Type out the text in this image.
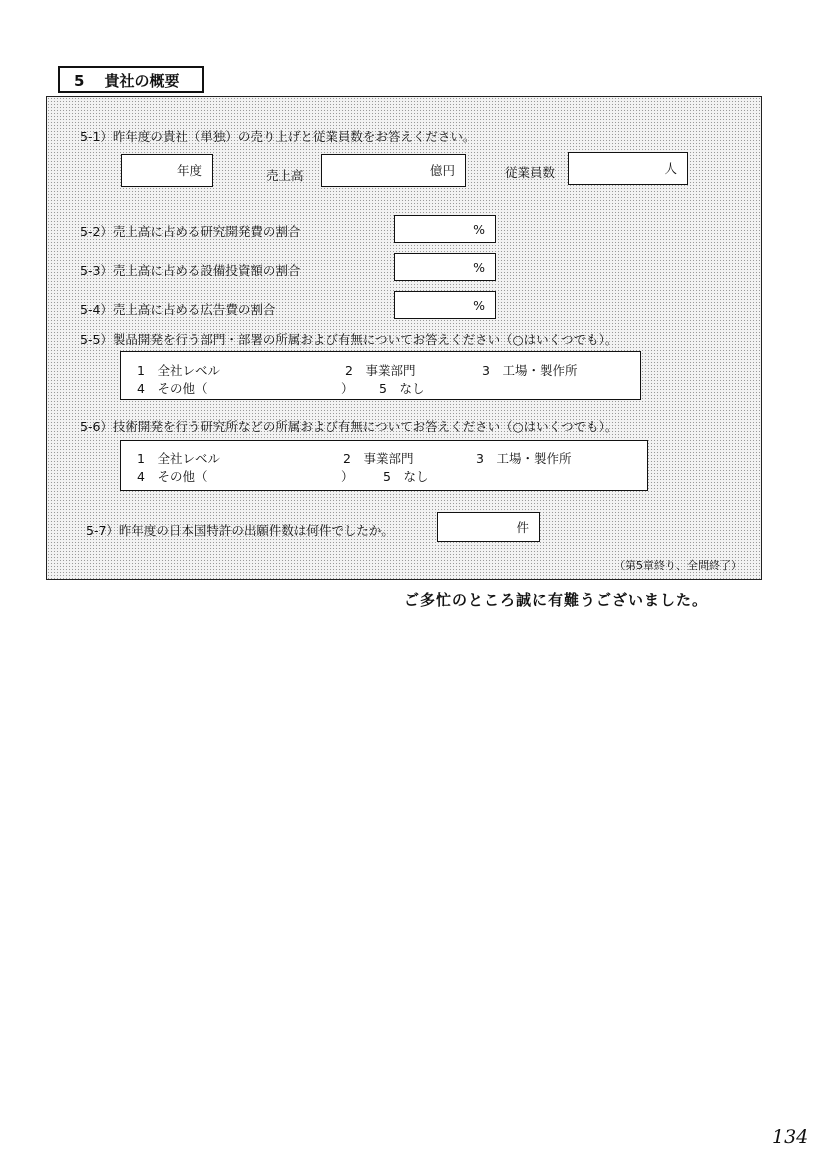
5 貴社の概要
5-1）昨年度の貴社（単独）の売り上げと従業員数をお答えください。
年度	売上高	億円	従業員数	人
5-2）売上高に占める研究開発費の割合	%
5-3）売上高に占める設備投資額の割合	%
5-4）売上高に占める広告費の割合	%
5-5）製品開発を行う部門・部署の所属および有無についてお答えください（○はいくつでも）。
1　全社レベル	2　事業部門	3　工場・製作所
4　その他（	） 5　なし
5-6）技術開発を行う研究所などの所属および有無についてお答えください（○はいくつでも）。
1　全社レベル	2　事業部門	3　工場・製作所
4　その他（	） 5　なし
5-7）昨年度の日本国特許の出願件数は何件でしたか。	件
（第5章終り、全問終了）
ご多忙のところ誠に有難うございました。
134
